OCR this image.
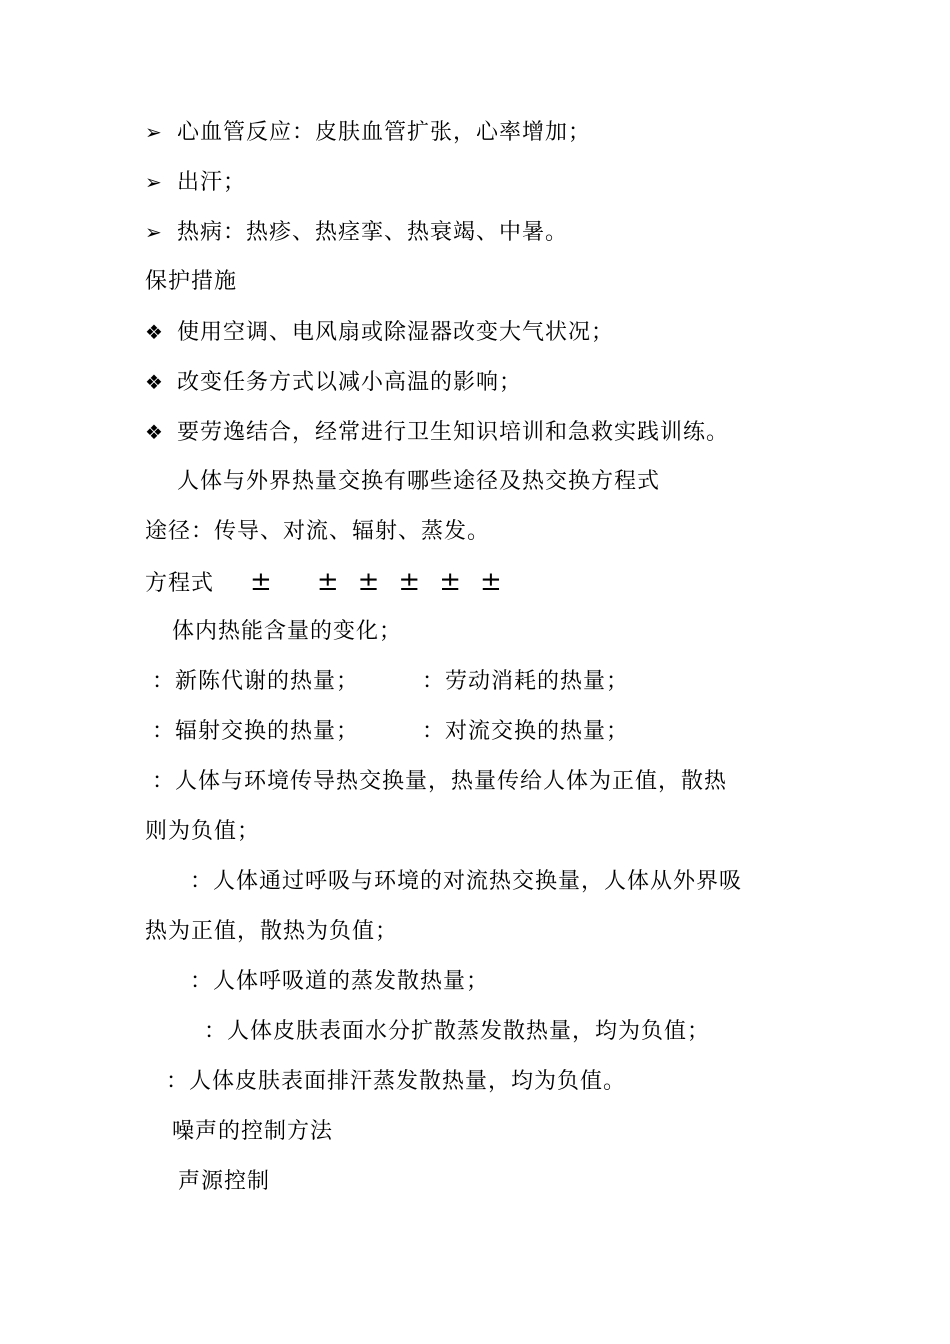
➢ 心血管反应：皮肤血管扩张，心率增加；
➢ 出汗；
➢ 热病：热疹、热痉挛、热衰竭、中暑。
保护措施
❖ 使用空调、电风扇或除湿器改变大气状况；
❖ 改变任务方式以减小高温的影响；
❖ 要劳逸结合，经常进行卫生知识培训和急救实践训练。
人体与外界热量交换有哪些途径及热交换方程式
途径：传导、对流、辐射、蒸发。
方程式 ± ± ± ± ± ±
体内热能含量的变化；
：新陈代谢的热量；	：劳动消耗的热量；
：辐射交换的热量；	：对流交换的热量；
：人体与环境传导热交换量，热量传给人体为正值，散热
则为负值；
：人体通过呼吸与环境的对流热交换量，人体从外界吸
热为正值，散热为负值；
：人体呼吸道的蒸发散热量；
：人体皮肤表面水分扩散蒸发散热量，均为负值；
：人体皮肤表面排汗蒸发散热量，均为负值。
噪声的控制方法
声源控制
